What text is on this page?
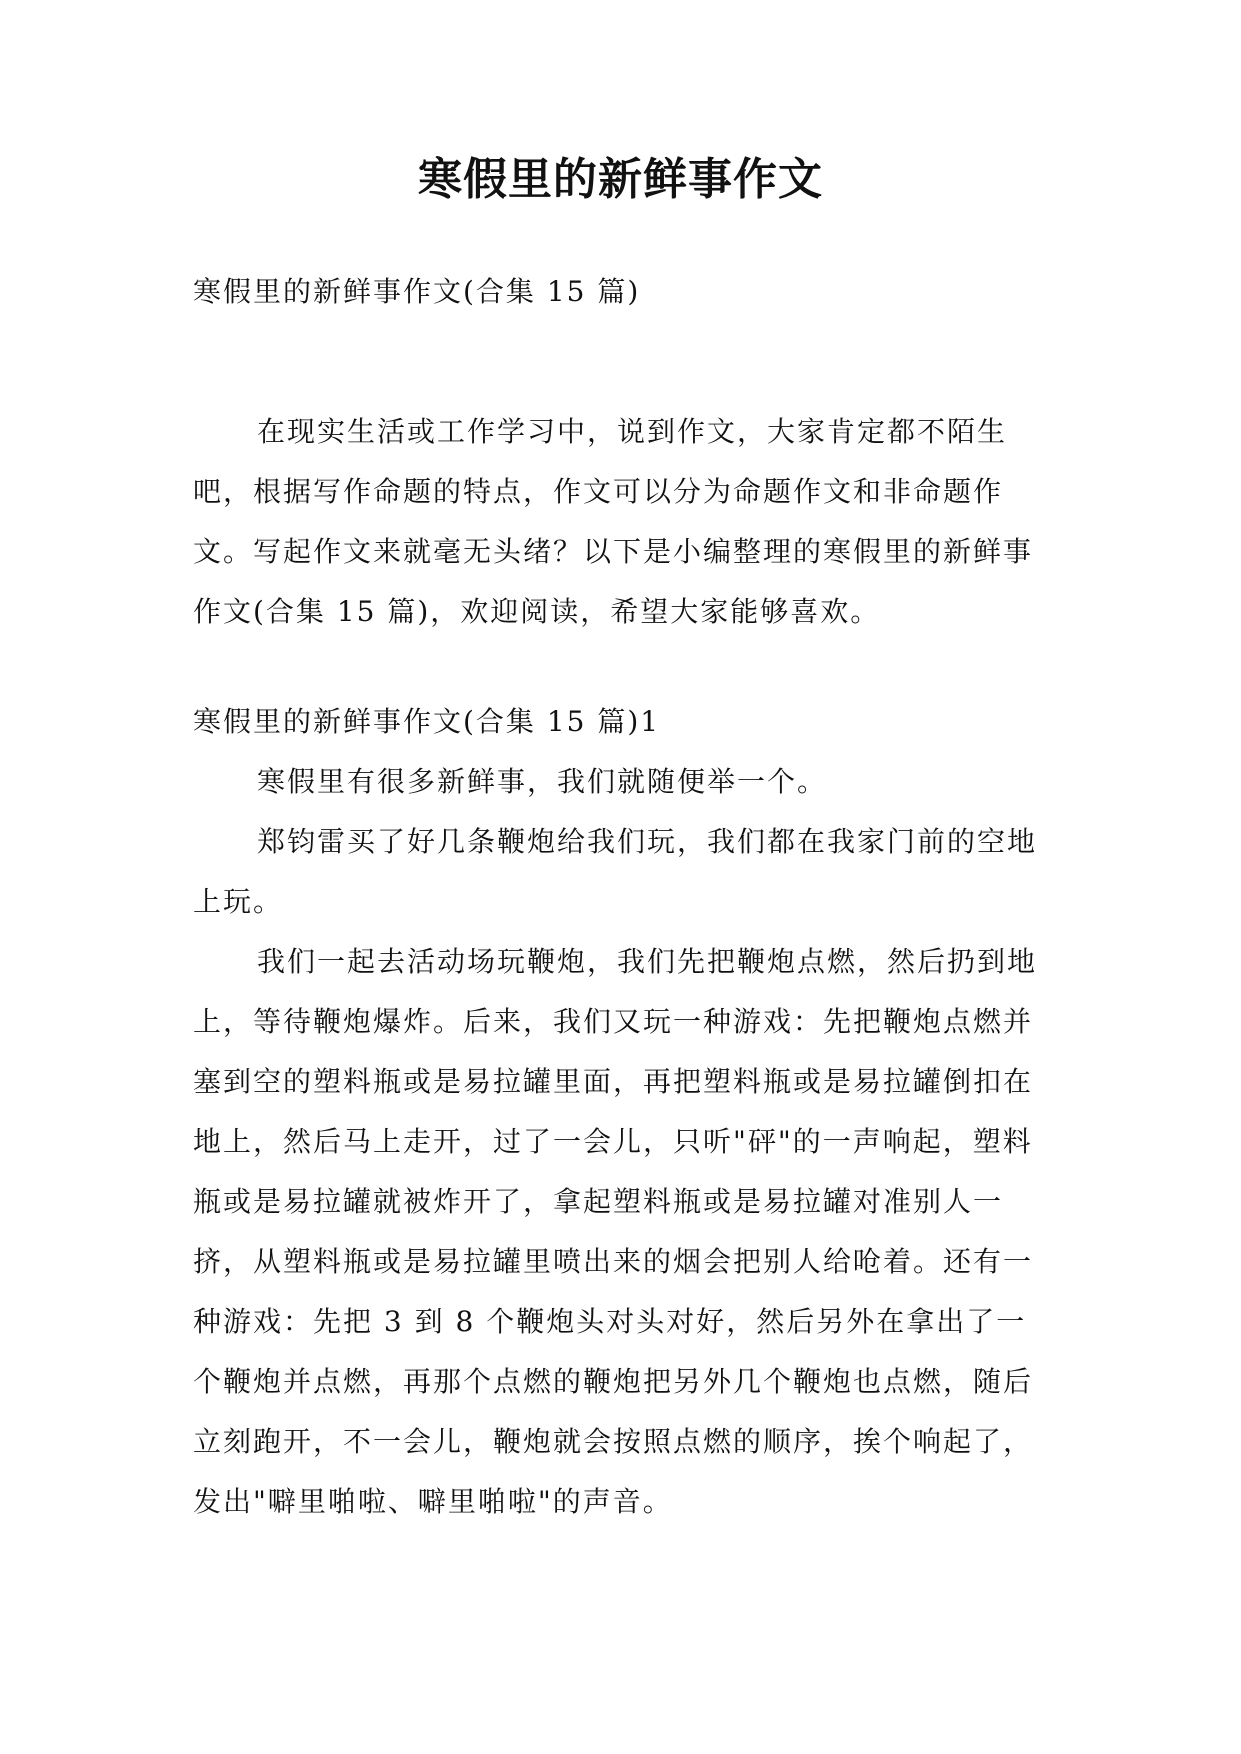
寒假里的新鲜事作文
寒假里的新鲜事作文(合集 15 篇)

在现实生活或工作学习中，说到作文，大家肯定都不陌生吧，根据写作命题的特点，作文可以分为命题作文和非命题作文。写起作文来就毫无头绪？以下是小编整理的寒假里的新鲜事作文(合集 15 篇)，欢迎阅读，希望大家能够喜欢。

寒假里的新鲜事作文(合集 15 篇)1

寒假里有很多新鲜事，我们就随便举一个。

郑钧雷买了好几条鞭炮给我们玩，我们都在我家门前的空地上玩。

我们一起去活动场玩鞭炮，我们先把鞭炮点燃，然后扔到地上，等待鞭炮爆炸。后来，我们又玩一种游戏：先把鞭炮点燃并塞到空的塑料瓶或是易拉罐里面，再把塑料瓶或是易拉罐倒扣在地上，然后马上走开，过了一会儿，只听"砰"的一声响起，塑料瓶或是易拉罐就被炸开了，拿起塑料瓶或是易拉罐对准别人一挤，从塑料瓶或是易拉罐里喷出来的烟会把别人给呛着。还有一种游戏：先把 3 到 8 个鞭炮头对头对好，然后另外在拿出了一个鞭炮并点燃，再那个点燃的鞭炮把另外几个鞭炮也点燃，随后立刻跑开，不一会儿，鞭炮就会按照点燃的顺序，挨个响起了，发出"噼里啪啦、噼里啪啦"的声音。
